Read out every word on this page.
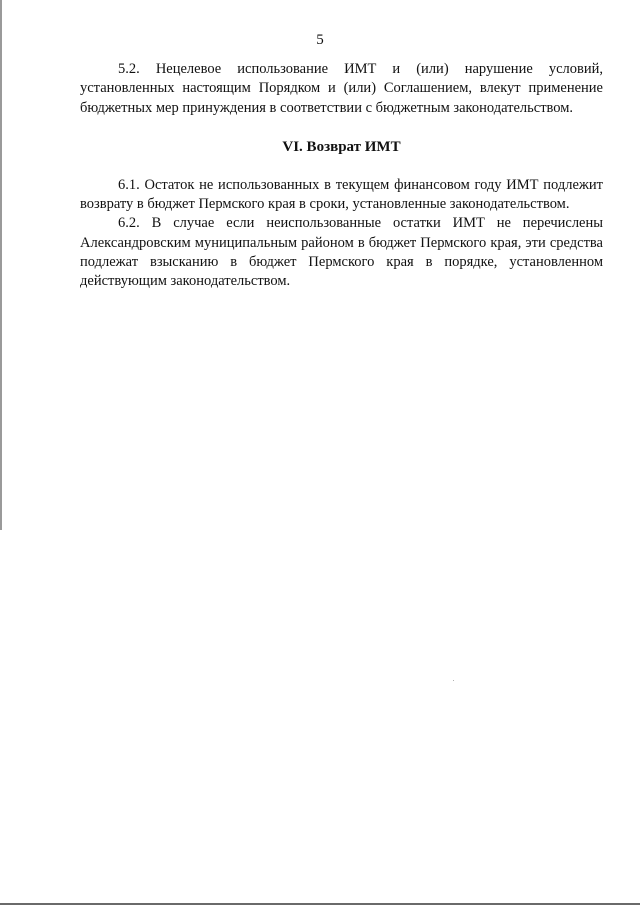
5

5.2. Нецелевое использование ИМТ и (или) нарушение условий, установленных настоящим Порядком и (или) Соглашением, влекут применение бюджетных мер принуждения в соответствии с бюджетным законодательством.

VI. Возврат ИМТ

6.1. Остаток не использованных в текущем финансовом году ИМТ подлежит возврату в бюджет Пермского края в сроки, установленные законодательством.

6.2. В случае если неиспользованные остатки ИМТ не перечислены Александровским муниципальным районом в бюджет Пермского края, эти средства подлежат взысканию в бюджет Пермского края в порядке, установленном действующим законодательством.
